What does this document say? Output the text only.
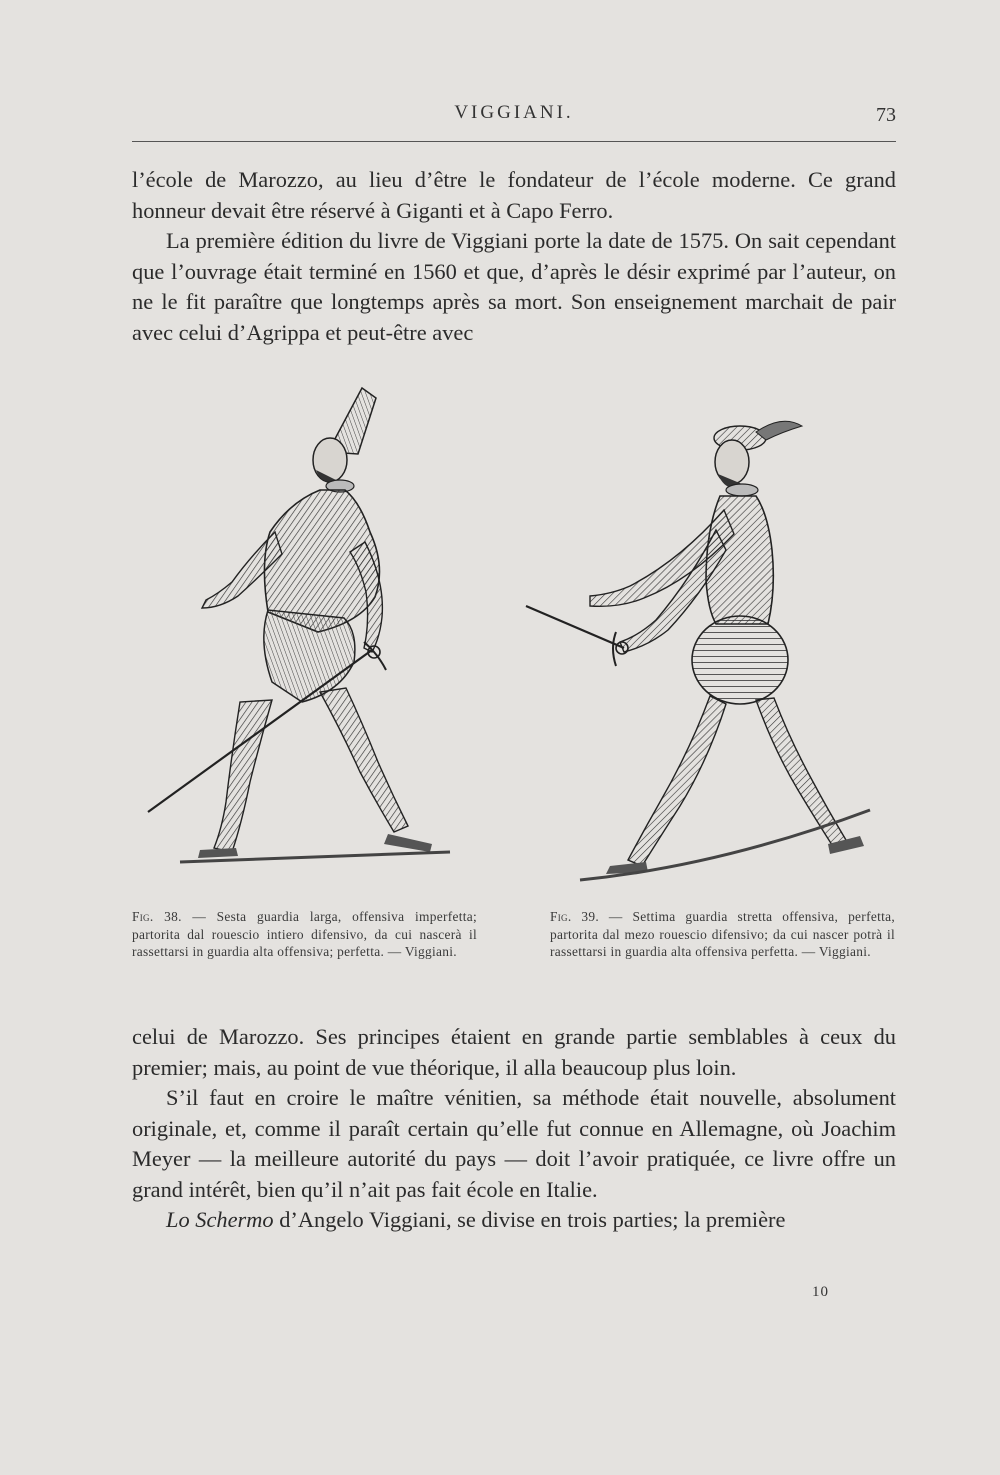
VIGGIANI.	73

l’école de Marozzo, au lieu d’être le fondateur de l’école moderne. Ce grand honneur devait être réservé à Giganti et à Capo Ferro.

La première édition du livre de Viggiani porte la date de 1575. On sait cependant que l’ouvrage était terminé en 1560 et que, d’après le désir exprimé par l’auteur, on ne le fit paraître que longtemps après sa mort. Son enseignement marchait de pair avec celui d’Agrippa et peut-être avec

Fig. 38. — Sesta guardia larga, offensiva imperfetta; partorita dal rouescio intiero difensivo, da cui nascerà il rassettarsi in guardia alta offensiva; perfetta. — Viggiani.
Fig. 39. — Settima guardia stretta offensiva, perfetta, partorita dal mezo rouescio difensivo; da cui nascer potrà il rassettarsi in guardia alta offensiva perfetta. — Viggiani.

celui de Marozzo. Ses principes étaient en grande partie semblables à ceux du premier; mais, au point de vue théorique, il alla beaucoup plus loin.

S’il faut en croire le maître vénitien, sa méthode était nouvelle, absolument originale, et, comme il paraît certain qu’elle fut connue en Allemagne, où Joachim Meyer — la meilleure autorité du pays — doit l’avoir pratiquée, ce livre offre un grand intérêt, bien qu’il n’ait pas fait école en Italie.

Lo Schermo d’Angelo Viggiani, se divise en trois parties; la première

10
